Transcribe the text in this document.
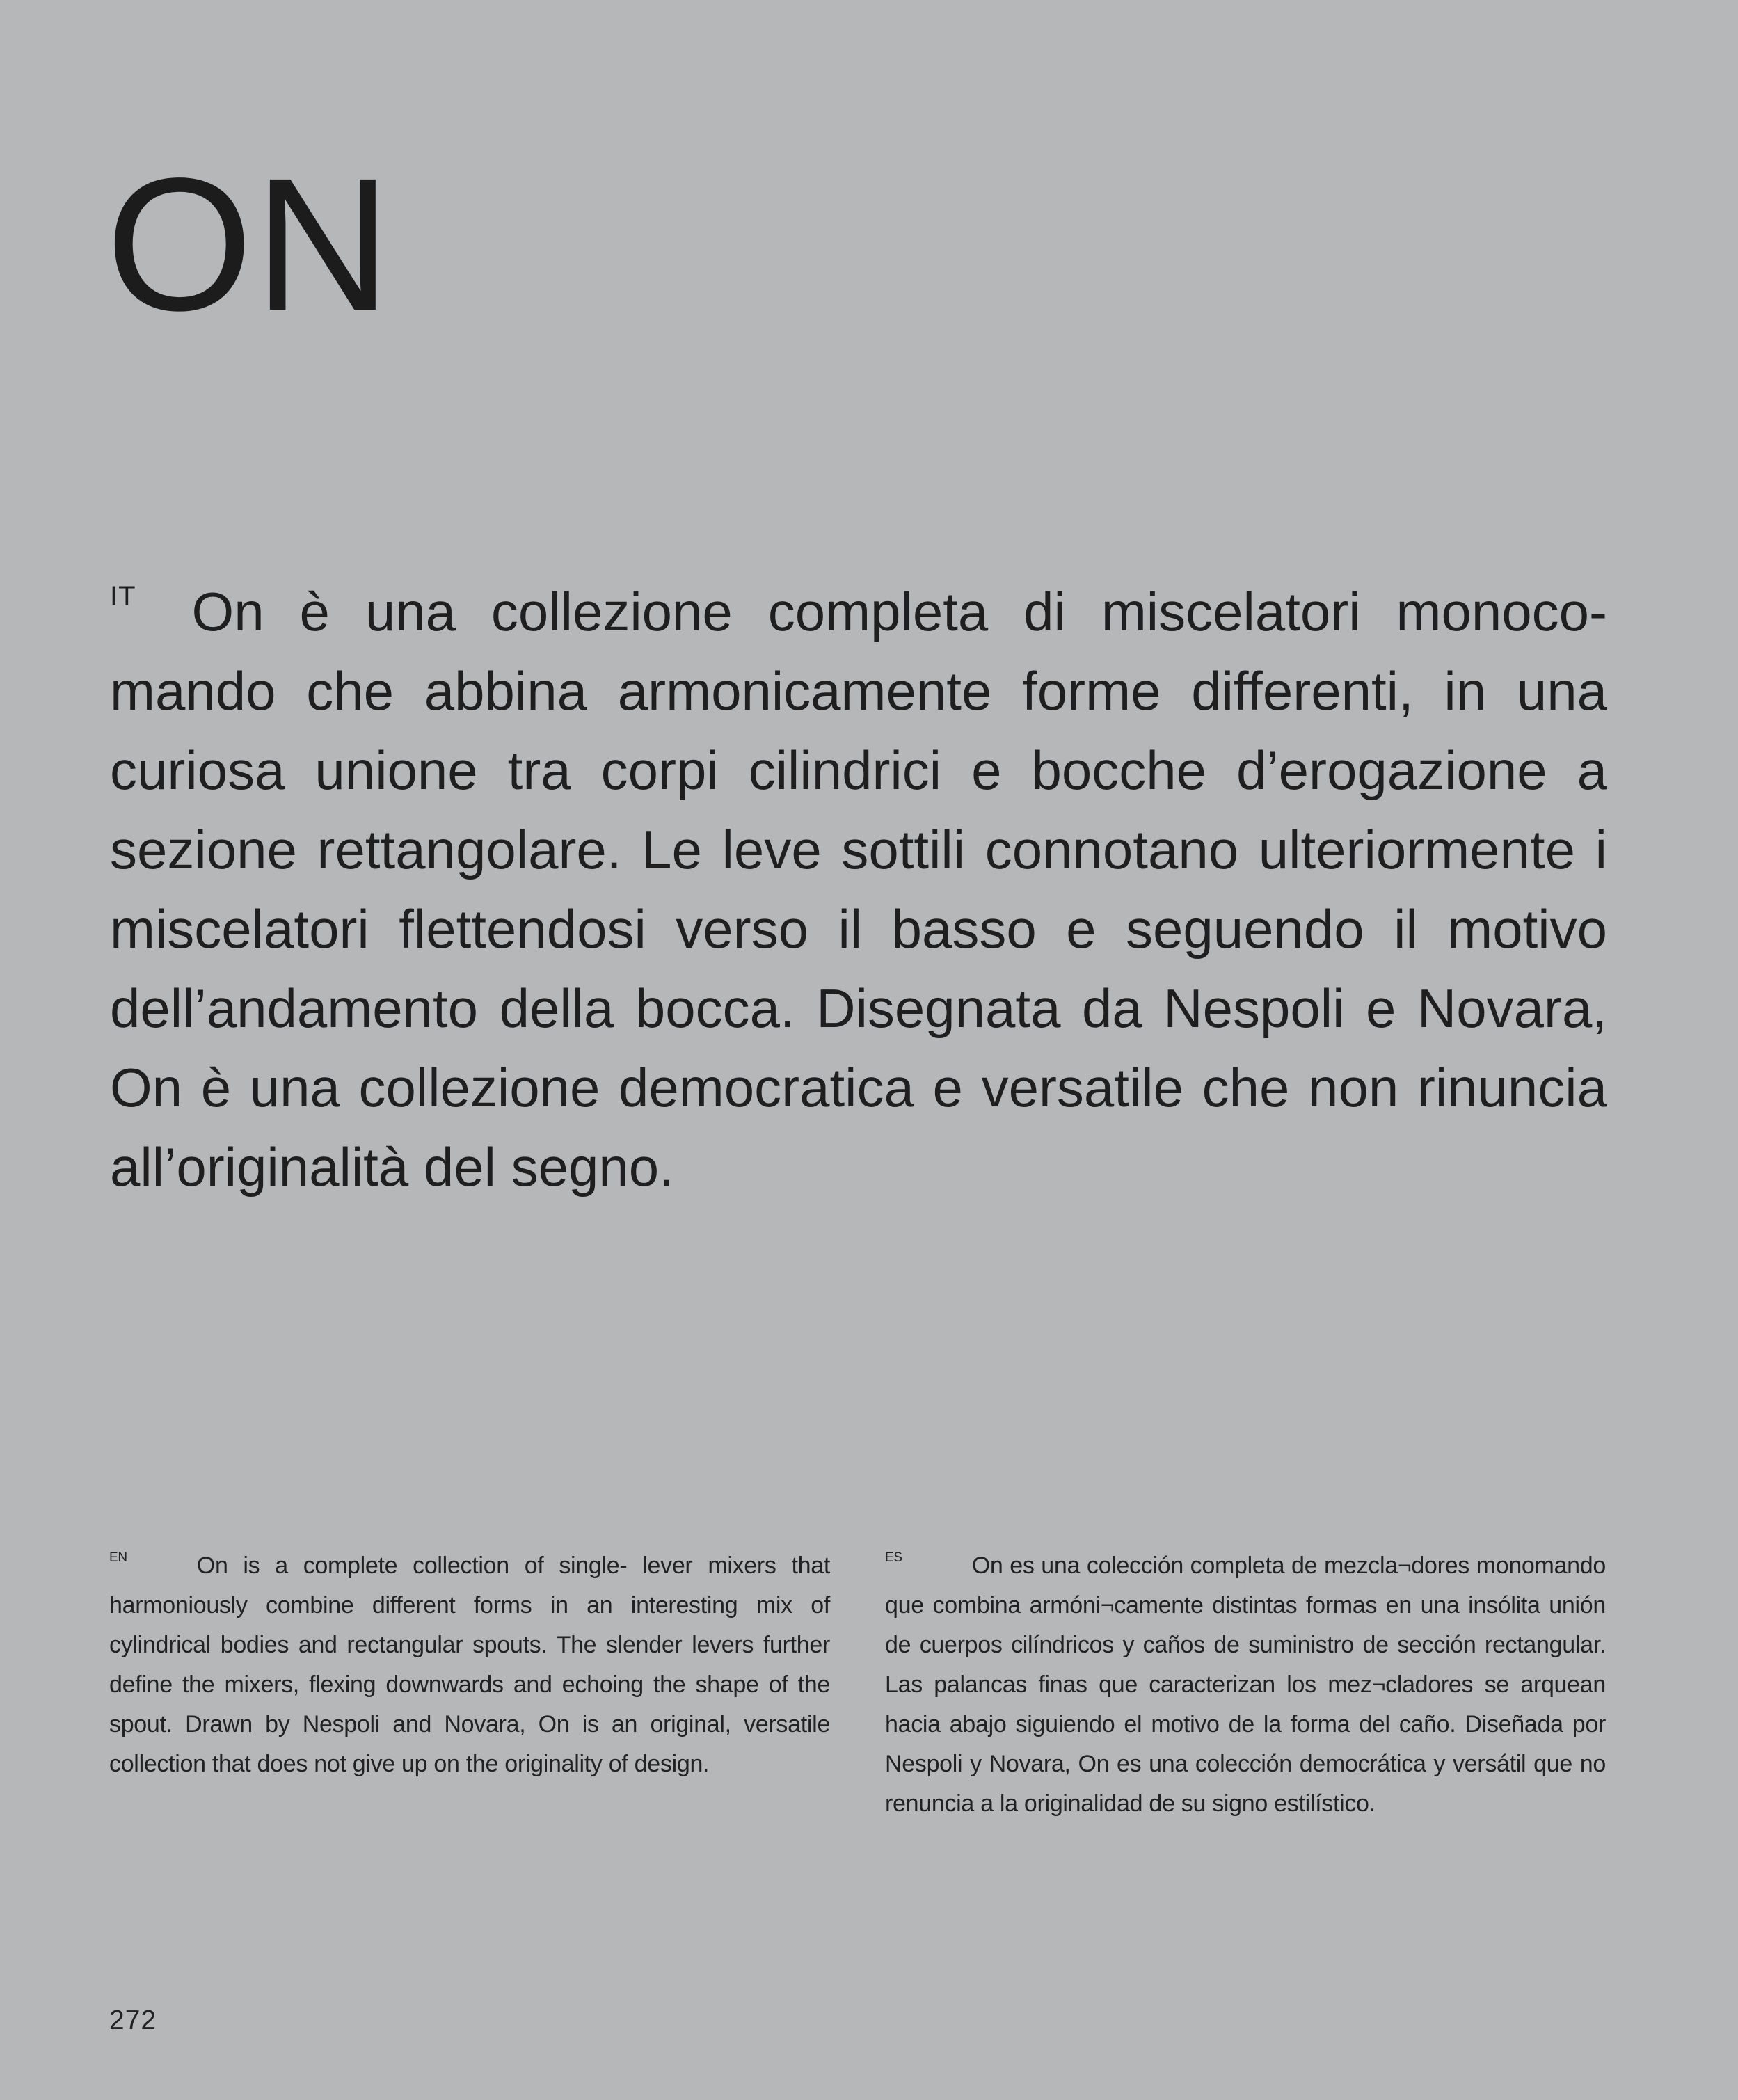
ON
$^{IT}$ On è una collezione completa di miscelatori monocomando che abbina armonicamente forme differenti, in una curiosa unione tra corpi cilindrici e bocche d’erogazione a sezione rettangolare. Le leve sottili connotano ulteriormente i miscelatori flettendosi verso il basso e seguendo il motivo dell’andamento della bocca. Disegnata da Nespoli e Novara, On è una collezione democratica e versatile che non rinuncia all’originalità del segno.
$^{EN}$	On is a complete collection of single- lever mixers that harmoniously combine different forms in an interesting mix of cylindrical bodies and rectangular spouts. The slender levers further define the mixers, flexing downwards and echoing the shape of the spout. Drawn by Nespoli and Novara, On is an original, versatile collection that does not give up on the originality of design.
$^{ES}$	On es una colección completa de mezcla¬dores monomando que combina armóni¬camente distintas formas en una insólita unión de cuerpos cilíndricos y caños de suministro de sección rectangular. Las palancas finas que caracterizan los mez¬cladores se arquean hacia abajo siguiendo el motivo de la forma del caño. Diseñada por Nespoli y Novara, On es una colección democrática y versátil que no renuncia a la originalidad de su signo estilístico.
272
